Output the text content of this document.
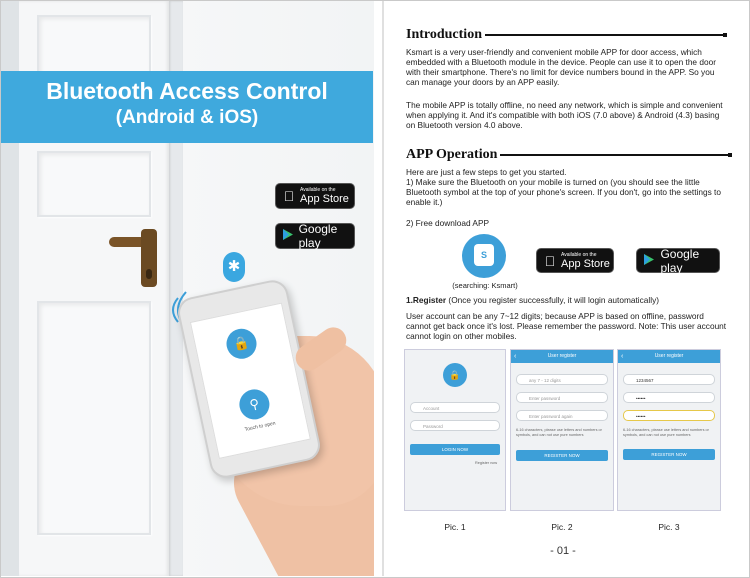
Bluetooth Access Control
(Android & iOS)
Available on the
App Store
Google play
✱
🔒
⚲
Touch to open
Introduction
Ksmart is a very user-friendly and convenient mobile APP for door access, which embedded with a Bluetooth module in the device. People can use it to open the door with their smartphone. There's no limit for device numbers bound in the APP. So you can manage your doors by an APP easily.
The mobile APP is totally offline, no need any network, which is simple and convenient when applying it. And it's compatible with both iOS (7.0 above) & Android (4.3) basing on Bluetooth version 4.0 above.
APP Operation
Here are just a few steps to get you started.
1) Make sure the Bluetooth on your mobile is turned on (you should see the little Bluetooth symbol at the top of your phone's screen. If you don't, go into the settings to enable it.)
2) Free download APP
1.Register (Once you register successfully, it will login automatically)
User account can be any 7~12 digits; because APP is based on offline, password cannot get back once it's lost. Please remember the password. Note: This user account cannot login on other mobiles.
S
(searching: Ksmart)
Available on the
App Store
Google play
🔒
Account
Password
LOGIN NOW
Register now
‹	User register
any 7 - 12 digits
Enter password
Enter password again
6-16 characters, please use letters and numbers or symbols, and can not use pure numbers
REGISTER NOW
‹	User register
1234567
••••••
••••••
6-16 characters, please use letters and numbers or symbols, and can not use pure numbers
REGISTER NOW
Pic. 1	Pic. 2	Pic. 3
- 01 -
